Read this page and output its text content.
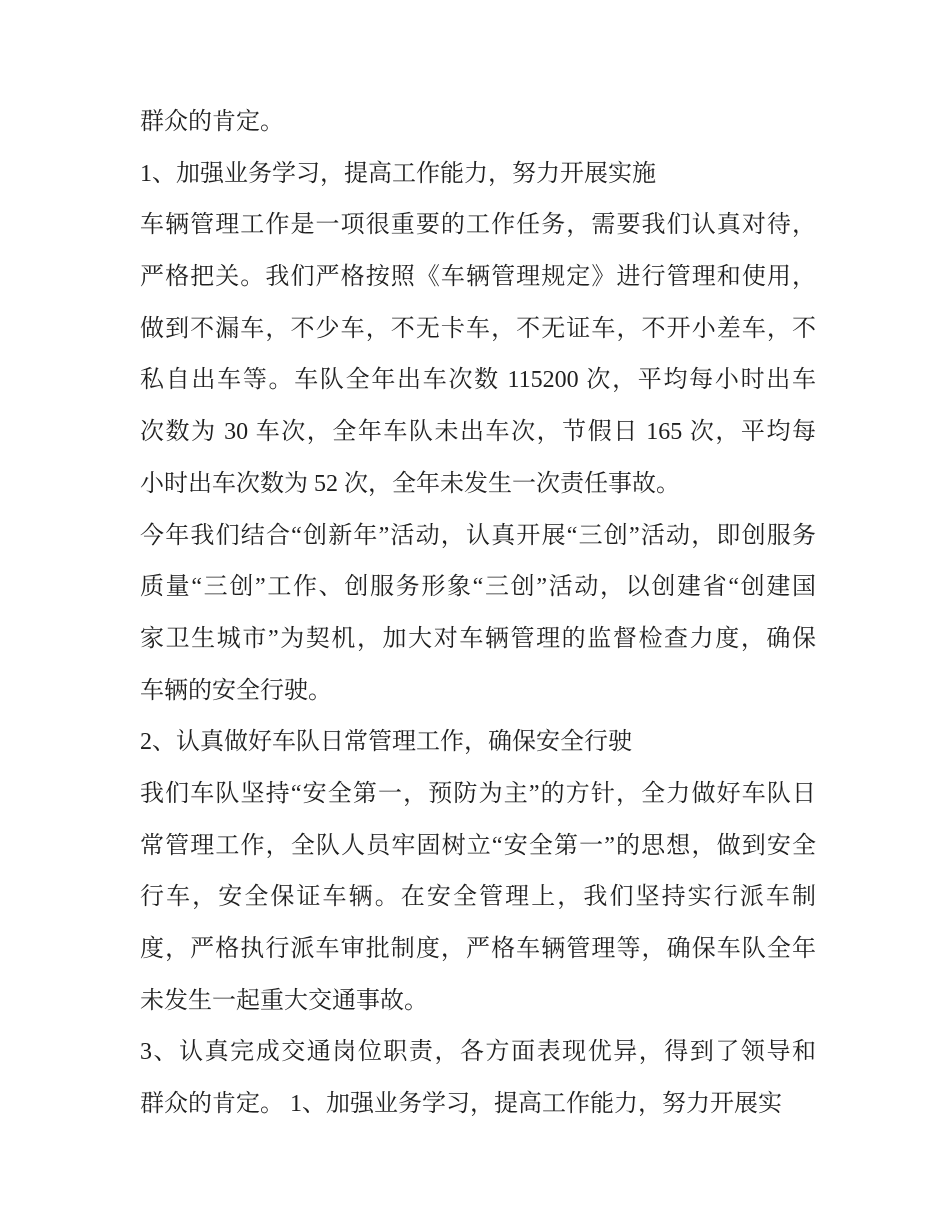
群众的肯定。

1、加强业务学习，提高工作能力，努力开展实施

车辆管理工作是一项很重要的工作任务，需要我们认真对待，

严格把关。我们严格按照《车辆管理规定》进行管理和使用，

做到不漏车，不少车，不无卡车，不无证车，不开小差车，不

私自出车等。车队全年出车次数 115200 次，平均每小时出车

次数为 30 车次，全年车队未出车次，节假日 165 次，平均每

小时出车次数为 52 次，全年未发生一次责任事故。

今年我们结合“创新年”活动，认真开展“三创”活动，即创服务

质量“三创”工作、创服务形象“三创”活动，以创建省“创建国

家卫生城市”为契机，加大对车辆管理的监督检查力度，确保

车辆的安全行驶。

2、认真做好车队日常管理工作，确保安全行驶

我们车队坚持“安全第一，预防为主”的方针，全力做好车队日

常管理工作，全队人员牢固树立“安全第一”的思想，做到安全

行车，安全保证车辆。在安全管理上，我们坚持实行派车制

度，严格执行派车审批制度，严格车辆管理等，确保车队全年

未发生一起重大交通事故。

3、认真完成交通岗位职责，各方面表现优异，得到了领导和

群众的肯定。 1、加强业务学习，提高工作能力，努力开展实
